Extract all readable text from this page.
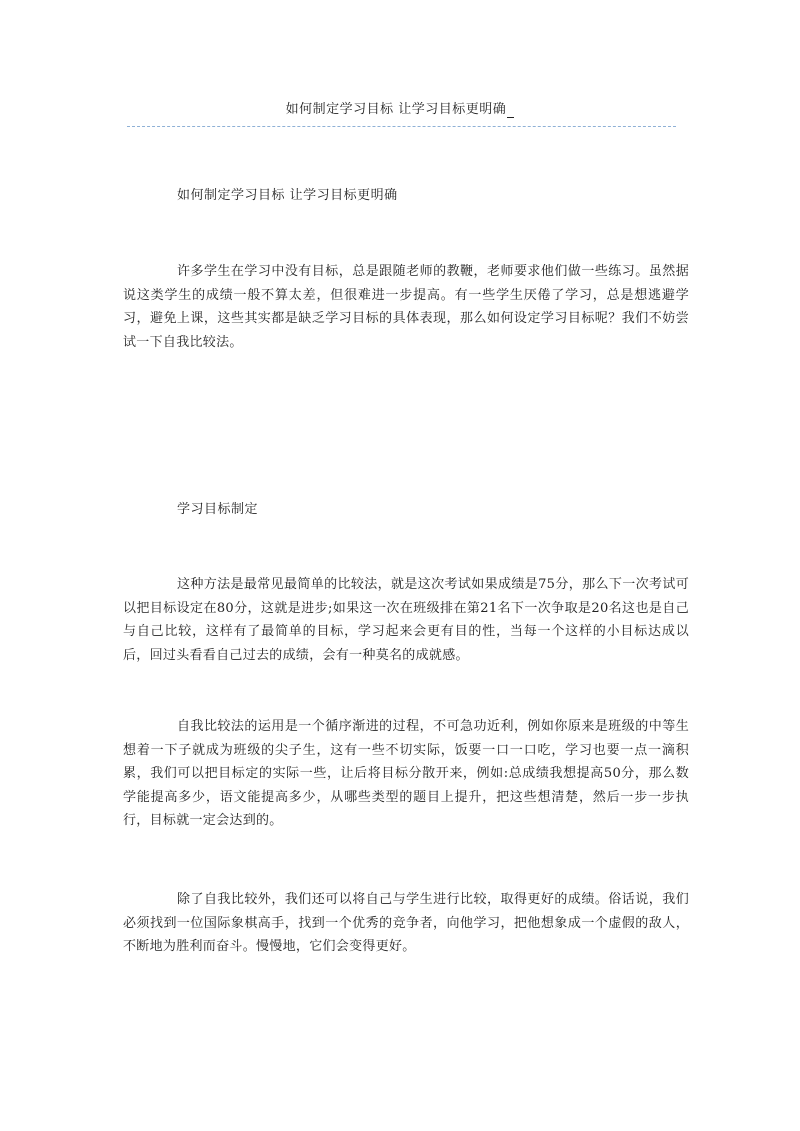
如何制定学习目标 让学习目标更明确
如何制定学习目标 让学习目标更明确

许多学生在学习中没有目标，总是跟随老师的教鞭，老师要求他们做一些练习。虽然据说这类学生的成绩一般不算太差，但很难进一步提高。有一些学生厌倦了学习，总是想逃避学习，避免上课，这些其实都是缺乏学习目标的具体表现，那么如何设定学习目标呢？我们不妨尝试一下自我比较法。

学习目标制定

这种方法是最常见最简单的比较法，就是这次考试如果成绩是75分，那么下一次考试可以把目标设定在80分，这就是进步;如果这一次在班级排在第21名下一次争取是20名这也是自己与自己比较，这样有了最简单的目标，学习起来会更有目的性，当每一个这样的小目标达成以后，回过头看看自己过去的成绩，会有一种莫名的成就感。

自我比较法的运用是一个循序渐进的过程，不可急功近利，例如你原来是班级的中等生想着一下子就成为班级的尖子生，这有一些不切实际，饭要一口一口吃，学习也要一点一滴积累，我们可以把目标定的实际一些，让后将目标分散开来，例如:总成绩我想提高50分，那么数学能提高多少，语文能提高多少，从哪些类型的题目上提升，把这些想清楚，然后一步一步执行，目标就一定会达到的。

除了自我比较外，我们还可以将自己与学生进行比较，取得更好的成绩。俗话说，我们必须找到一位国际象棋高手，找到一个优秀的竞争者，向他学习，把他想象成一个虚假的敌人，不断地为胜利而奋斗。慢慢地，它们会变得更好。
